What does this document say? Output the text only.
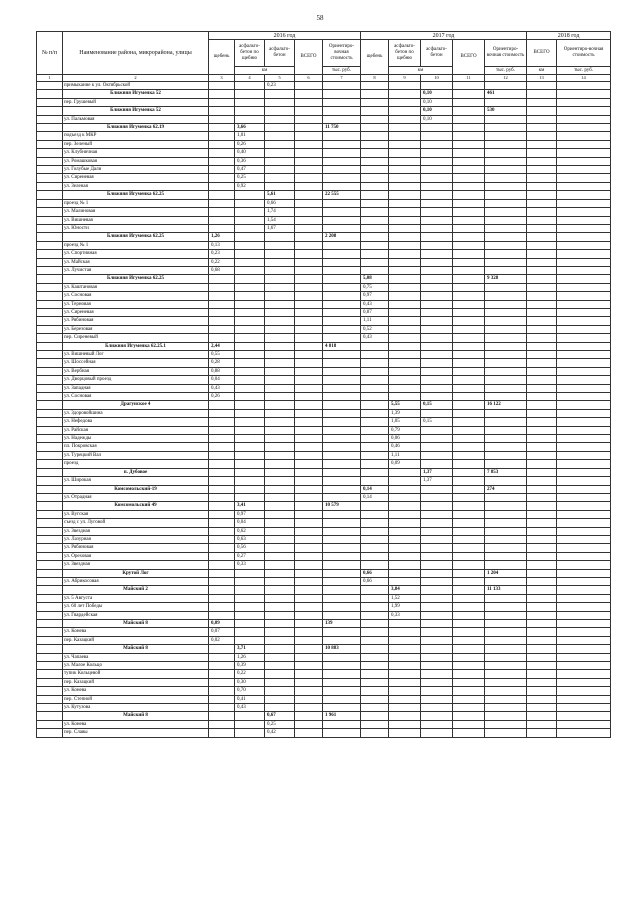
58
№ п/п	Наименование района, микрорайона, улицы	2016 год					2017 год					2018 год	
		щебень	асфальто-бетон по щебню	асфальто-бетон	ВСЕГО	Ориентиро-вочная стоимость	щебень	асфальто-бетон по щебню	асфальто-бетон	ВСЕГО	Ориентиро-вочная стоимость	ВСЕГО	Ориентиро-вочная стоимость
			км			тыс. руб.		км			тыс. руб.	км	тыс. руб.
1	2	3	4	5	6	7	8	9	10	11	12	13	14
	примыкание к ул. Октябрьской			0,23									
	Ближняя Игуменка 52								0,10		461		
	пер. Грушевый								0,10				
	Ближняя Игуменка 52								0,10		530		
	ул. Пальмовая								0,10				
	Ближняя Игуменка 62.19		3,66			11 750							
	подъезд к МКР		1,01										
	пер. Зеленый		0,26										
	ул. Клубничная		0,40										
	ул. Ромашковая		0,36										
	ул. Голубые Дали		0,47										
	ул. Сиреневая		0,25										
	ул. Зеленая		0,92										
	Ближняя Игуменка 62.25			5,61		22 555							
	проезд № 1			0,66									
	ул. Малиновая			1,74									
	ул. Вишневая			1,54									
	ул. Юности			1,67									
	Ближняя Игуменка 62.25	1,26				2 208							
	проезд № 1	0,13											
	ул. Спортивная	0,23											
	ул. Майская	0,22											
	ул. Лучистая	0,68											
	Ближняя Игуменка 62.25						5,08				9 328		
	ул. Каштановая						0,75						
	ул. Сосновая						0,97						
	ул. Терновая						0,43						
	ул. Сиреневая						0,87						
	ул. Рябиновая						1,11						
	ул. Березовая						0,52						
	пер. Сиреневый						0,43						
	Ближняя Игуменка 62.25.1	2,44				4 818							
	ул. Вишневый Лог	0,55											
	ул. Шоссейная	0,28											
	ул. Вербная	0,88											
	ул. Дворцовый проезд	0,04											
	ул. Западная	0,43											
	ул. Сосновая	0,26											
	Драгунское 4							5,55	0,15		16 122		
	ул. Здоровойшина							1,39					
	ул. Нефедова							1,05	0,15				
	ул. Райская							0,79					
	ул. Надежды							0,06					
	пл. Покровская							0,46					
	ул. Турецкий Вал							1,11					
	проезд							0,09					
	п. Дубовое								1,37		7 853		
	ул. Широкая								1,37				
	Комсомольский-19						0,14				274		
	ул. Отрадная						0,14						
	Комсомольский 49		3,41			10 579							
	ул. Вугская		0,97										
	съезд с ул. Луговой		0,04										
	ул. Звездная		0,62										
	ул. Лазурная		0,63										
	ул. Рябиновая		0,56										
	ул. Ореховая		0,27										
	ул. Звездная		0,33										
	Крутой Лог						0,66				1 204		
	ул. Абрикосовая						0,66						
	Майский 2							3,84			11 133		
	ул. 5 Августа							1,52					
	ул. 60 лет Победы							1,99					
	ул. Гвардейская							0,33					
	Майский 8	0,09				139							
	ул. Конева	0,07											
	пер. Казацкий	0,02											
	Майский 8		3,71			10 883							
	ул. Чапаева		1,26										
	ул. Малое Кольцо		0,39										
	тупик Кольцевой		0,22										
	пер. Казацкий		0,30										
	ул. Конева		0,70										
	пер. Степной		0,41										
	ул. Кутузова		0,43										
	Майский 8			0,67		1 961							
	ул. Конева			0,25									
	пер. Славы			0,42									
